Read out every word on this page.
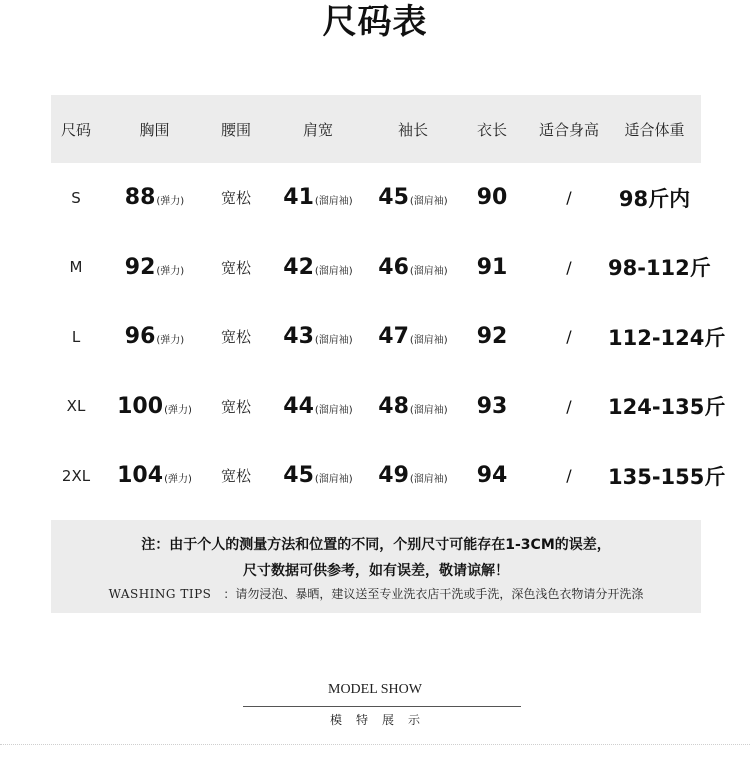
尺码表
尺码	胸围	腰围	肩宽	袖长	衣长	适合身高	适合体重
S	88(弹力)	宽松	41(溜肩袖)	45(溜肩袖)	90	/	98斤内
M	92(弹力)	宽松	42(溜肩袖)	46(溜肩袖)	91	/	98-112斤
L	96(弹力)	宽松	43(溜肩袖)	47(溜肩袖)	92	/	112-124斤
XL	100(弹力)	宽松	44(溜肩袖)	48(溜肩袖)	93	/	124-135斤
2XL	104(弹力)	宽松	45(溜肩袖)	49(溜肩袖)	94	/	135-155斤
注：由于个人的测量方法和位置的不同，个别尺寸可能存在1-3CM的误差，
尺寸数据可供参考，如有误差，敬请谅解！
WASHING TIPS ：请勿浸泡、暴晒，建议送至专业洗衣店干洗或手洗，深色浅色衣物请分开洗涤
MODEL SHOW
模特展示
